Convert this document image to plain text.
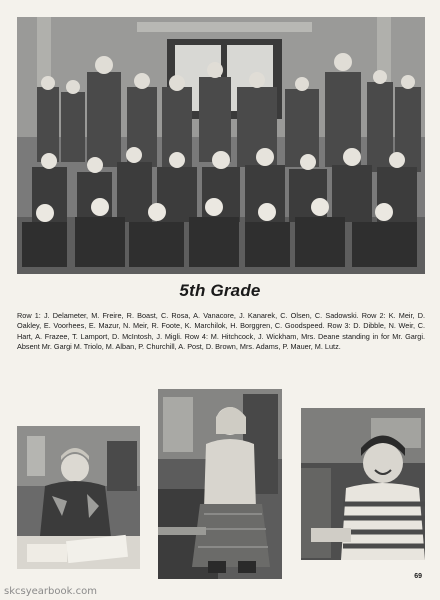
5th Grade
Row 1: J. Delameter, M. Freire, R. Boast, C. Rosa, A. Vanacore, J. Kanarek, C. Olsen, C. Sadowski. Row 2: K. Meir, D. Oakley, E. Voorhees, E. Mazur, N. Meir, R. Foote, K. Marchilok, H. Borggren, C. Goodspeed. Row 3: D. Dibble, N. Weir, C. Hart, A. Frazee, T. Lamport, D. McIntosh, J. Migli. Row 4: M. Hitchcock, J. Wickham, Mrs. Deane standing in for Mr. Gargi. Absent Mr. Gargi M. Triolo, M. Alban, P. Churchill, A. Post, D. Brown, Mrs. Adams, P. Mauer, M. Lutz.
69
skcsyearbook.com
